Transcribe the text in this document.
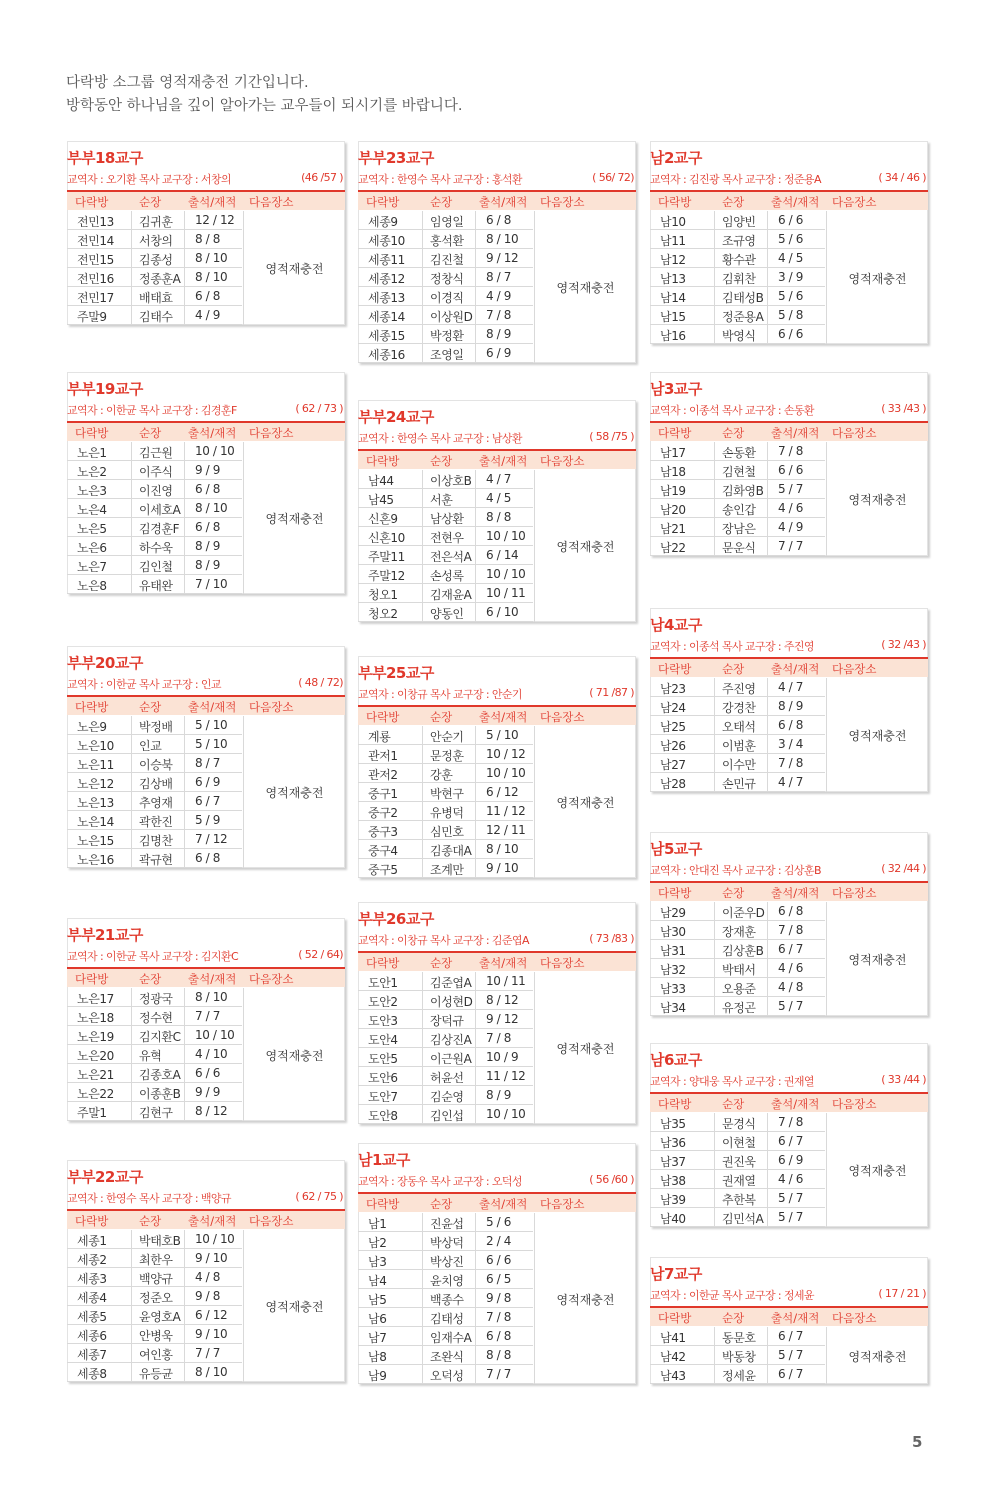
다락방 소그룹 영적재충전 기간입니다.
방학동안 하나님을 깊이 알아가는 교우들이 되시기를 바랍니다.
부부18교구
교역자 : 오기환 목사 교구장 : 서창의	(46 /57 )
다락방	순장 출석/재적 다음장소
전민13 김귀훈 12 / 12
전민14 서창의 8 / 8
전민15 김종성 8 / 10
전민16 정종훈A 8 / 10
전민17 배태효 6 / 8
주말9	김태수 4 / 9
영적재충전
부부19교구
교역자 : 이한균 목사 교구장 : 김경훈F	( 62 / 73 )
다락방	순장 출석/재적 다음장소
노은1	김근원 10 / 10
노은2	이주식 9 / 9
노은3	이진영 6 / 8
노은4	이세호A 8 / 10
노은5	김경훈F 6 / 8
노은6	하수욱 8 / 9
노은7	김인철 8 / 9
노은8	유태완 7 / 10
영적재충전
부부20교구
교역자 : 이한균 목사 교구장 : 인교	( 48 / 72)
다락방	순장 출석/재적 다음장소
노은9	박정배 5 / 10
노은10 인교	5 / 10
노은11 이승북 8 / 7
노은12 김상배 6 / 9
노은13 추영재 6 / 7
노은14 곽한진 5 / 9
노은15 김명찬 7 / 12
노은16 곽규현 6 / 8
영적재충전
부부21교구
교역자 : 이한균 목사 교구장 : 김지환C	( 52 / 64)
다락방	순장 출석/재적 다음장소
노은17 정광국 8 / 10
노은18 정수현 7 / 7
노은19 김지환C 10 / 10
노은20 유혁	4 / 10
노은21 김종호A 6 / 6
노은22 이종훈B 9 / 9
주말1	김현구 8 / 12
영적재충전
부부22교구
교역자 : 한영수 목사 교구장 : 백양규	( 62 / 75 )
다락방	순장 출석/재적 다음장소
세종1	박태호B 10 / 10
세종2	최한우 9 / 10
세종3	백양규 4 / 8
세종4	정준오 9 / 8
세종5	윤영호A 6 / 12
세종6	안병욱 9 / 10
세종7	여인홍 7 / 7
세종8	유등균 8 / 10
영적재충전
부부23교구
교역자 : 한영수 목사 교구장 : 홍석환	( 56/ 72)
다락방	순장 출석/재적 다음장소
세종9	임영일 6 / 8
세종10 홍석환 8 / 10
세종11 김진철 9 / 12
세종12 정창식 8 / 7
세종13 이경직 4 / 9
세종14 이상원D 7 / 8
세종15 박정환 8 / 9
세종16 조영일 6 / 9
영적재충전
부부24교구
교역자 : 한영수 목사 교구장 : 남상환	( 58 /75 )
다락방	순장 출석/재적 다음장소
남44	이상호B 4 / 7
남45	서훈	4 / 5
신혼9	남상환 8 / 8
신혼10 전현우 10 / 10
주말11 전은석A 6 / 14
주말12 손성록 10 / 10
청오1	김재윤A 10 / 11
청오2	양동인 6 / 10
영적재충전
부부25교구
교역자 : 이창규 목사 교구장 : 안순기	( 71 /87 )
다락방	순장 출석/재적 다음장소
계룡	안순기 5 / 10
관저1	문정훈 10 / 12
관저2	강훈	10 / 10
중구1	박현구 6 / 12
중구2	유병덕 11 / 12
중구3	심민호 12 / 11
중구4	김종대A 8 / 10
중구5	조계만 9 / 10
영적재충전
부부26교구
교역자 : 이창규 목사 교구장 : 김준엽A	( 73 /83 )
다락방	순장 출석/재적 다음장소
도안1	김준엽A 10 / 11
도안2	이성현D 8 / 12
도안3	장덕규 9 / 12
도안4	김상진A 7 / 8
도안5	이근원A 10 / 9
도안6	허윤선 11 / 12
도안7	김순영 8 / 9
도안8	김인섭 10 / 10
영적재충전
남1교구
교역자 : 장동우 목사 교구장 : 오덕성	( 56 /60 )
다락방	순장 출석/재적 다음장소
남1	진윤섭 5 / 6
남2	박상덕 2 / 4
남3	박상진 6 / 6
남4	윤치영 6 / 5
남5	백종수 9 / 8
남6	김태성 7 / 8
남7	임재수A 6 / 8
남8	조완식 8 / 8
남9	오덕성 7 / 7
영적재충전
남2교구
교역자 : 김진광 목사 교구장 : 정준용A	( 34 / 46 )
다락방	순장 출석/재적 다음장소
남10	임양빈 6 / 6
남11	조규영 5 / 6
남12	황수관 4 / 5
남13	김휘찬 3 / 9
남14	김태성B 5 / 6
남15	정준용A 5 / 8
남16	박영식 6 / 6
영적재충전
남3교구
교역자 : 이종석 목사 교구장 : 손동환	( 33 /43 )
다락방	순장 출석/재적 다음장소
남17	손동환 7 / 8
남18	김현철 6 / 6
남19	김화영B 5 / 7
남20	송인갑 4 / 6
남21	장남은 4 / 9
남22	문운식 7 / 7
영적재충전
남4교구
교역자 : 이종석 목사 교구장 : 주진영	( 32 /43 )
다락방	순장 출석/재적 다음장소
남23	주진영 4 / 7
남24	강경찬 8 / 9
남25	오태석 6 / 8
남26	이범훈 3 / 4
남27	이수만 7 / 8
남28	손민규 4 / 7
영적재충전
남5교구
교역자 : 안대진 목사 교구장 : 김상훈B	( 32 /44 )
다락방	순장 출석/재적 다음장소
남29	이준우D 6 / 8
남30	장재훈 7 / 8
남31	김상훈B 6 / 7
남32	박태서 4 / 6
남33	오용준 4 / 8
남34	유정곤 5 / 7
영적재충전
남6교구
교역자 : 양대웅 목사 교구장 : 권재열	( 33 /44 )
다락방	순장 출석/재적 다음장소
남35	문경식 7 / 8
남36	이현철 6 / 7
남37	권진욱 6 / 9
남38	권재열 4 / 6
남39	추한복 5 / 7
남40	김민석A 5 / 7
영적재충전
남7교구
교역자 : 이한균 목사 교구장 : 정세윤	( 17 / 21 )
다락방	순장 출석/재적 다음장소
남41	동문호 6 / 7
남42	박동창 5 / 7
남43	정세윤 6 / 7
영적재충전
5
